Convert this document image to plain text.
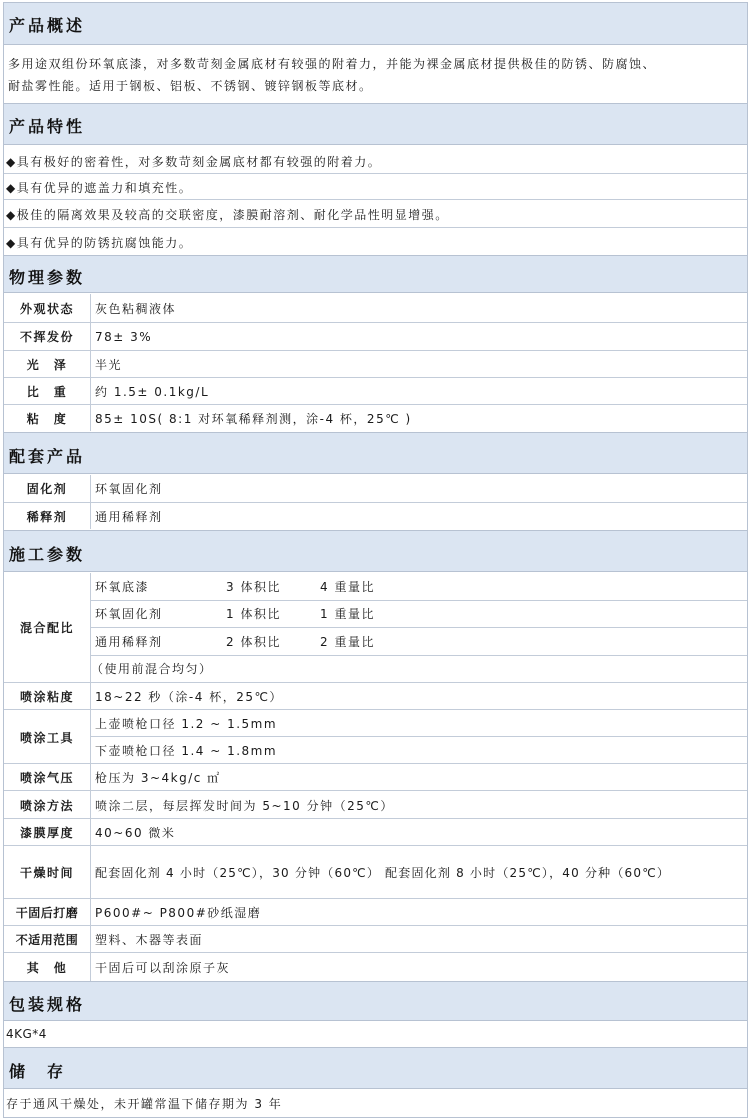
产品概述
多用途双组份环氧底漆，对多数苛刻金属底材有较强的附着力，并能为裸金属底材提供极佳的防锈、防腐蚀、
耐盐雾性能。适用于钢板、铝板、不锈钢、镀锌钢板等底材。
产品特性
◆具有极好的密着性，对多数苛刻金属底材都有较强的附着力。
◆具有优异的遮盖力和填充性。
◆极佳的隔离效果及较高的交联密度，漆膜耐溶剂、耐化学品性明显增强。
◆具有优异的防锈抗腐蚀能力。
物理参数
外观状态	灰色粘稠液体
不挥发份	78± 3%
光　泽	半光
比　重	约 1.5± 0.1kg/L
粘　度	85± 10S( 8:1 对环氧稀释剂测，涂-4 杯，25℃ )
配套产品
固化剂	环氧固化剂
稀释剂	通用稀释剂
施工参数
混合配比
环氧底漆	3 体积比	4 重量比
环氧固化剂	1 体积比	1 重量比
通用稀释剂	2 体积比	2 重量比
（使用前混合均匀）
喷涂粘度	18~22 秒（涂-4 杯，25℃）
喷涂工具
上壶喷枪口径 1.2 ~ 1.5mm
下壶喷枪口径 1.4 ~ 1.8mm
喷涂气压	枪压为 3~4kg/c ㎡
喷涂方法	喷涂二层，每层挥发时间为 5~10 分钟（25℃）
漆膜厚度	40~60 微米
干燥时间	配套固化剂 4 小时（25℃），30 分钟（60℃） 配套固化剂 8 小时（25℃），40 分种（60℃）
干固后打磨	P600#~ P800#砂纸湿磨
不适用范围	塑料、木器等表面
其　他	干固后可以刮涂原子灰
包装规格
4KG*4
储　存
存于通风干燥处，未开罐常温下储存期为 3 年
